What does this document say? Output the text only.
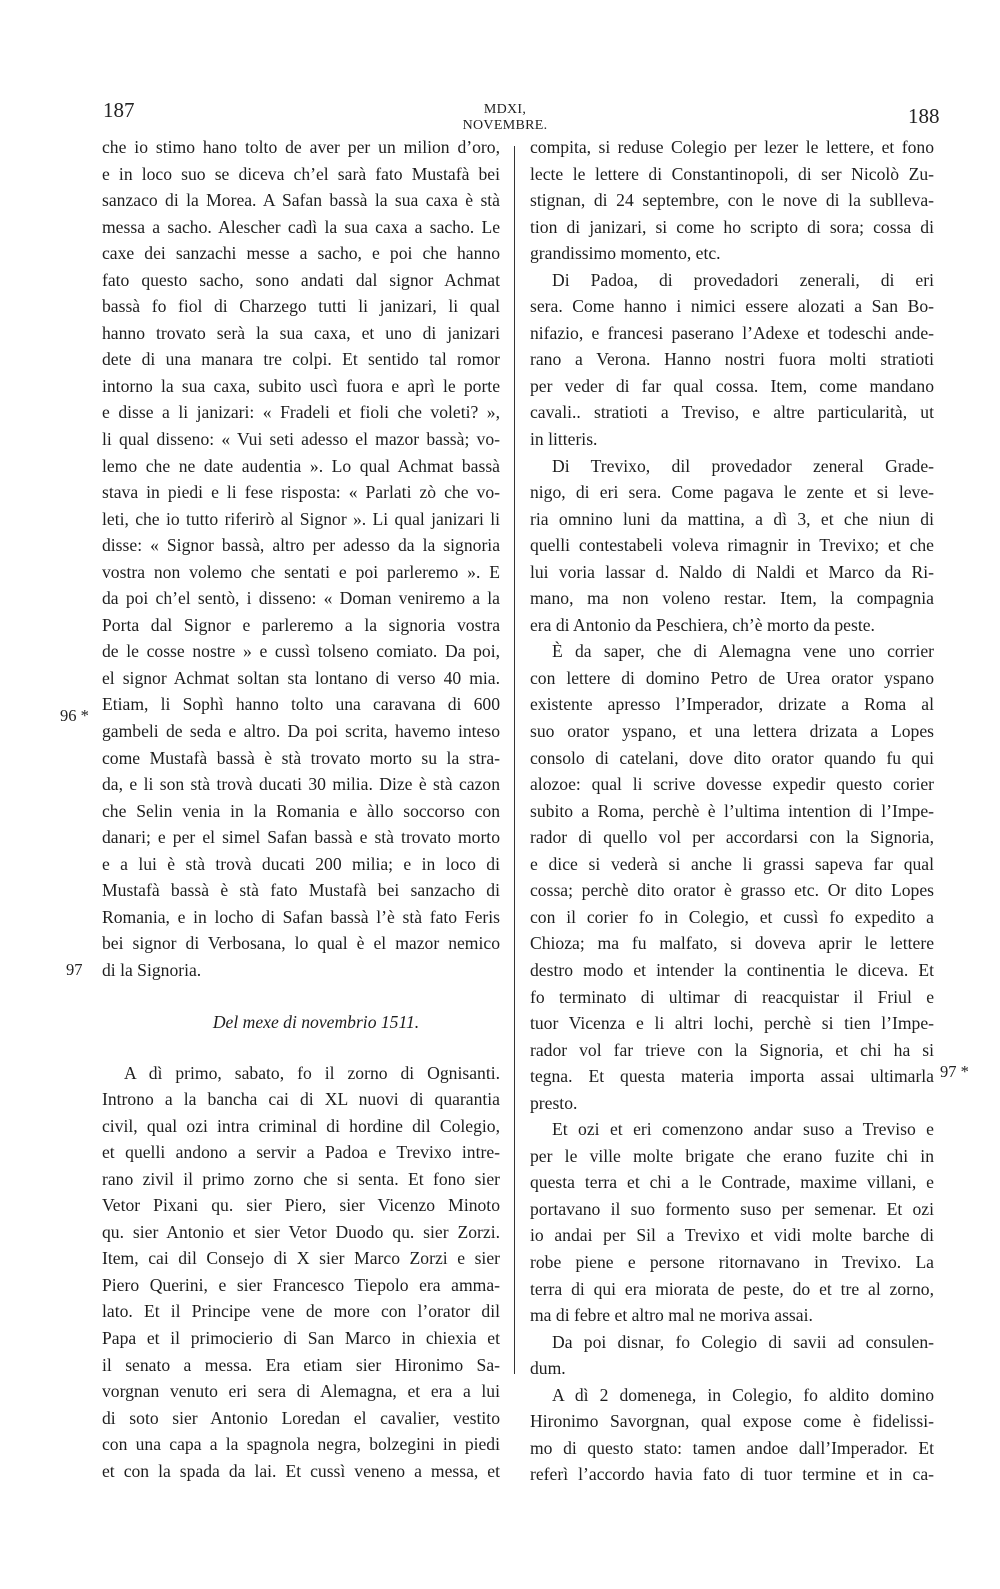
187	MDXI, NOVEMBRE.	188
96 *
97
97 *
che io stimo hano tolto de aver per un milion d’oro,
e in loco suo se diceva ch’el sarà fato Mustafà bei
sanzaco di la Morea. A Safan bassà la sua caxa è stà
messa a sacho. Alescher cadì la sua caxa a sacho. Le
caxe dei sanzachi messe a sacho, e poi che hanno
fato questo sacho, sono andati dal signor Achmat
bassà fo fiol di Charzego tutti li janizari, li qual
hanno trovato serà la sua caxa, et uno di janizari
dete di una manara tre colpi. Et sentido tal romor
intorno la sua caxa, subito uscì fuora e aprì le porte
e disse a li janizari: « Fradeli et fioli che voleti? »,
li qual disseno: « Vui seti adesso el mazor bassà; vo-
lemo che ne date audentia ». Lo qual Achmat bassà
stava in piedi e li fese risposta: « Parlati zò che vo-
leti, che io tutto riferirò al Signor ». Li qual janizari li
disse: « Signor bassà, altro per adesso da la signoria
vostra non volemo che sentati e poi parleremo ». E
da poi ch’el sentò, i disseno: « Doman veniremo a la
Porta dal Signor e parleremo a la signoria vostra
de le cosse nostre » e cussì tolseno comiato. Da poi,
el signor Achmat soltan sta lontano di verso 40 mia.
Etiam, li Sophì hanno tolto una caravana di 600
gambeli de seda e altro. Da poi scrita, havemo inteso
come Mustafà bassà è stà trovato morto su la stra-
da, e li son stà trovà ducati 30 milia. Dize è stà cazon
che Selin venia in la Romania e àllo soccorso con
danari; e per el simel Safan bassà e stà trovato morto
e a lui è stà trovà ducati 200 milia; e in loco di
Mustafà bassà è stà fato Mustafà bei sanzacho di
Romania, e in locho di Safan bassà l’è stà fato Feris
bei signor di Verbosana, lo qual è el mazor nemico
di la Signoria.
Del mexe di novembrio 1511.
A dì primo, sabato, fo il zorno di Ognisanti.
Introno a la bancha cai di XL nuovi di quarantia
civil, qual ozi intra criminal di hordine dil Colegio,
et quelli andono a servir a Padoa e Trevixo intre-
rano zivil il primo zorno che si senta. Et fono sier
Vetor Pixani qu. sier Piero, sier Vicenzo Minoto
qu. sier Antonio et sier Vetor Duodo qu. sier Zorzi.
Item, cai dil Consejo di X sier Marco Zorzi e sier
Piero Querini, e sier Francesco Tiepolo era amma-
lato. Et il Principe vene de more con l’orator dil
Papa et il primocierio di San Marco in chiexia et
il senato a messa. Era etiam sier Hironimo Sa-
vorgnan venuto eri sera di Alemagna, et era a lui
di soto sier Antonio Loredan el cavalier, vestito
con una capa a la spagnola negra, bolzegini in piedi
et con la spada da lai. Et cussì veneno a messa, et
compita, si reduse Colegio per lezer le lettere, et fono
lecte le lettere di Constantinopoli, di ser Nicolò Zu-
stignan, di 24 septembre, con le nove di la sublleva-
tion di janizari, si come ho scripto di sora; cossa di
grandissimo momento, etc.
Di Padoa, di provedadori zenerali, di eri
sera. Come hanno i nimici essere alozati a San Bo-
nifazio, e francesi paserano l’Adexe et todeschi ande-
rano a Verona. Hanno nostri fuora molti stratioti
per veder di far qual cossa. Item, come mandano
cavali.. stratioti a Treviso, e altre particularità, ut
in litteris.
Di Trevixo, dil provedador zeneral Grade-
nigo, di eri sera. Come pagava le zente et si leve-
ria omnino luni da mattina, a dì 3, et che niun di
quelli contestabeli voleva rimagnir in Trevixo; et che
lui voria lassar d. Naldo di Naldi et Marco da Ri-
mano, ma non voleno restar. Item, la compagnia
era di Antonio da Peschiera, ch’è morto da peste.
È da saper, che di Alemagna vene uno corrier
con lettere di domino Petro de Urea orator yspano
existente apresso l’Imperador, drizate a Roma al
suo orator yspano, et una lettera drizata a Lopes
consolo di catelani, dove dito orator quando fu qui
alozoe: qual li scrive dovesse expedir questo corier
subito a Roma, perchè è l’ultima intention di l’Impe-
rador di quello vol per accordarsi con la Signoria,
e dice si vederà si anche li grassi sapeva far qual
cossa; perchè dito orator è grasso etc. Or dito Lopes
con il corier fo in Colegio, et cussì fo expedito a
Chioza; ma fu malfato, si doveva aprir le lettere
destro modo et intender la continentia le diceva. Et
fo terminato di ultimar di reacquistar il Friul e
tuor Vicenza e li altri lochi, perchè si tien l’Impe-
rador vol far trieve con la Signoria, et chi ha si
tegna. Et questa materia importa assai ultimarla
presto.
Et ozi et eri comenzono andar suso a Treviso e
per le ville molte brigate che erano fuzite chi in
questa terra et chi a le Contrade, maxime villani, e
portavano il suo formento suso per semenar. Et ozi
io andai per Sil a Trevixo et vidi molte barche di
robe piene e persone ritornavano in Trevixo. La
terra di qui era miorata de peste, do et tre al zorno,
ma di febre et altro mal ne moriva assai.
Da poi disnar, fo Colegio di savii ad consulen-
dum.
A dì 2 domenega, in Colegio, fo aldito domino
Hironimo Savorgnan, qual expose come è fidelissi-
mo di questo stato: tamen andoe dall’Imperador. Et
referì l’accordo havia fato di tuor termine et in ca-
